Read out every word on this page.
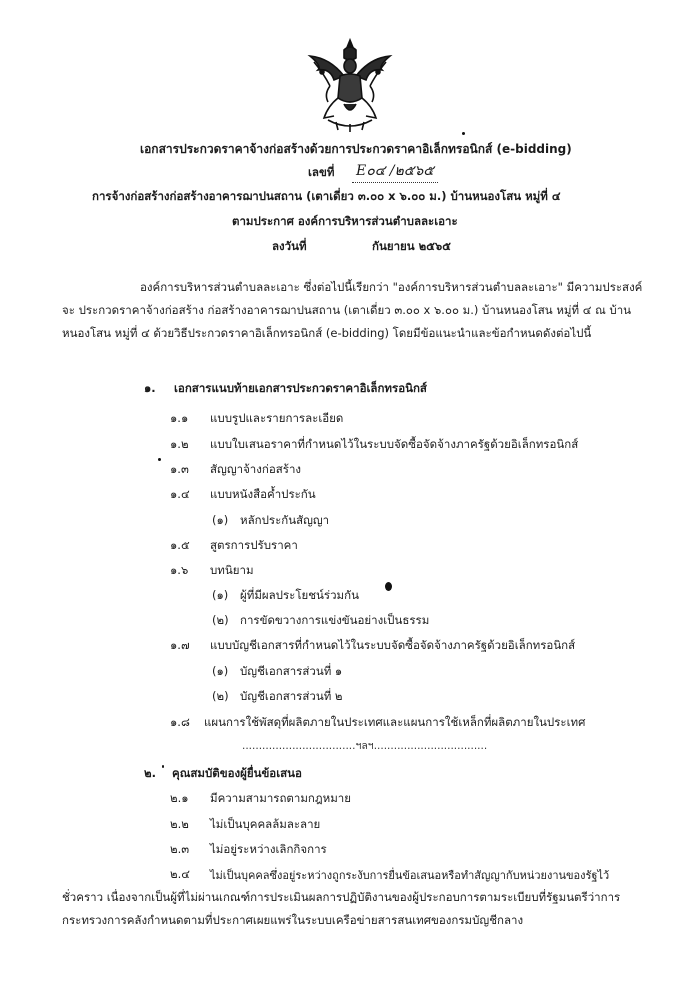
เอกสารประกวดราคาจ้างก่อสร้างด้วยการประกวดราคาอิเล็กทรอนิกส์ (e-bidding)
เลขที่ E๐๔ /๒๕๖๕
การจ้างก่อสร้างก่อสร้างอาคารฌาปนสถาน (เตาเดี่ยว ๓.๐๐ x ๖.๐๐ ม.) บ้านหนองโสน หมู่ที่ ๔
ตามประกาศ องค์การบริหารส่วนตำบลละเอาะ
ลงวันที่	กันยายน ๒๕๖๕
องค์การบริหารส่วนตำบลละเอาะ ซึ่งต่อไปนี้เรียกว่า "องค์การบริหารส่วนตำบลละเอาะ" มีความประสงค์จะ ประกวดราคาจ้างก่อสร้าง ก่อสร้างอาคารฌาปนสถาน (เตาเดี่ยว ๓.๐๐ x ๖.๐๐ ม.) บ้านหนองโสน หมู่ที่ ๔ ณ บ้านหนองโสน หมู่ที่ ๔ ด้วยวิธีประกวดราคาอิเล็กทรอนิกส์ (e-bidding) โดยมีข้อแนะนำและข้อกำหนดดังต่อไปนี้
๑. เอกสารแนบท้ายเอกสารประกวดราคาอิเล็กทรอนิกส์
๑.๑ แบบรูปและรายการละเอียด
๑.๒ แบบใบเสนอราคาที่กำหนดไว้ในระบบจัดซื้อจัดจ้างภาครัฐด้วยอิเล็กทรอนิกส์
๑.๓ สัญญาจ้างก่อสร้าง
๑.๔ แบบหนังสือค้ำประกัน
(๑) หลักประกันสัญญา
๑.๕ สูตรการปรับราคา
๑.๖ บทนิยาม
(๑) ผู้ที่มีผลประโยชน์ร่วมกัน
(๒) การขัดขวางการแข่งขันอย่างเป็นธรรม
๑.๗ แบบบัญชีเอกสารที่กำหนดไว้ในระบบจัดซื้อจัดจ้างภาครัฐด้วยอิเล็กทรอนิกส์
(๑) บัญชีเอกสารส่วนที่ ๑
(๒) บัญชีเอกสารส่วนที่ ๒
๑.๘ แผนการใช้พัสดุที่ผลิตภายในประเทศและแผนการใช้เหล็กที่ผลิตภายในประเทศ
..................................ฯลฯ..................................
๒. คุณสมบัติของผู้ยื่นข้อเสนอ
๒.๑ มีความสามารถตามกฎหมาย
๒.๒ ไม่เป็นบุคคลล้มละลาย
๒.๓ ไม่อยู่ระหว่างเลิกกิจการ
๒.๔ ไม่เป็นบุคคลซึ่งอยู่ระหว่างถูกระงับการยื่นข้อเสนอหรือทำสัญญากับหน่วยงานของรัฐไว้
ชั่วคราว เนื่องจากเป็นผู้ที่ไม่ผ่านเกณฑ์การประเมินผลการปฏิบัติงานของผู้ประกอบการตามระเบียบที่รัฐมนตรีว่าการกระทรวงการคลังกำหนดตามที่ประกาศเผยแพร่ในระบบเครือข่ายสารสนเทศของกรมบัญชีกลาง
